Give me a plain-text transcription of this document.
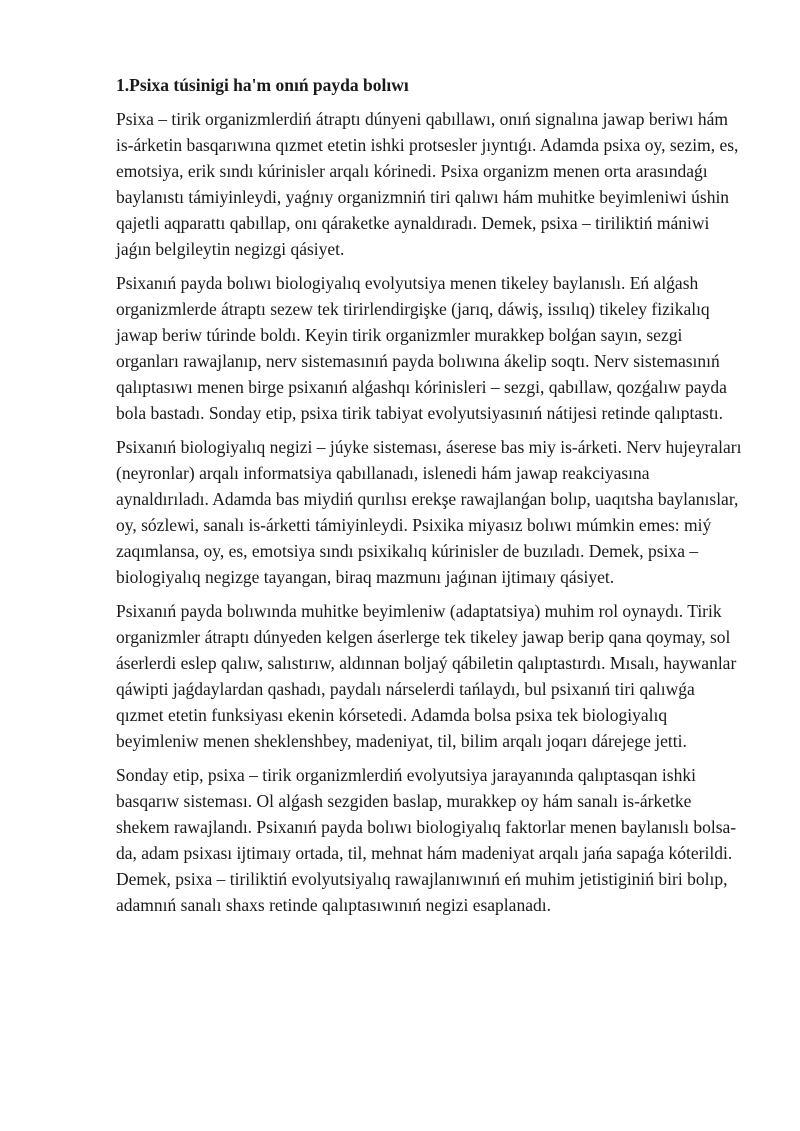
1.Psixa túsinigi ha'm onıń payda bolıwı

Psixa – tirik organizmlerdiń átraptı dúnyeni qabıllawı, onıń signalına jawap beriwı hám is-árketin basqarıwına qızmet etetin ishki protsesler jıyntıǵı. Adamda psixa oy, sezim, es, emotsiya, erik sındı kúrinisler arqalı kórinedi. Psixa organizm menen orta arasındaǵı baylanıstı támiyinleydi, yaǵnıy organizmniń tiri qalıwı hám muhitke beyimleniwi úshin qajetli aqparattı qabıllap, onı qáraketke aynaldıradı. Demek, psixa – tiriliktiń mániwi jaǵın belgileytin negizgi qásiyet.

Psixanıń payda bolıwı biologiyalıq evolyutsiya menen tikeley baylanıslı. Eń alǵash organizmlerde átraptı sezew tek tirirlendirgişke (jarıq, dáwiş, issılıq) tikeley fizikalıq jawap beriw túrinde boldı. Keyin tirik organizmler murakkep bolǵan sayın, sezgi organları rawajlanıp, nerv sistemasınıń payda bolıwına ákelip soqtı. Nerv sistemasınıń qalıptasıwı menen birge psixanıń alǵashqı kórinisleri – sezgi, qabıllaw, qozǵalıw payda bola bastadı. Sonday etip, psixa tirik tabiyat evolyutsiyasınıń nátijesi retinde qalıptastı.

Psixanıń biologiyalıq negizi – júyke sisteması, áserese bas miy is-árketi. Nerv hujeyraları (neyronlar) arqalı informatsiya qabıllanadı, islenedi hám jawap reakciyasına aynaldırıladı. Adamda bas miydiń qurılısı erekşe rawajlanǵan bolıp, uaqıtsha baylanıslar, oy, sózlewi, sanalı is-árketti támiyinleydi. Psixika miyasız bolıwı múmkin emes: miý zaqımlansa, oy, es, emotsiya sındı psixikalıq kúrinisler de buzıladı. Demek, psixa – biologiyalıq negizge tayangan, biraq mazmunı jaǵınan ijtimaıy qásiyet.

Psixanıń payda bolıwında muhitke beyimleniw (adaptatsiya) muhim rol oynaydı. Tirik organizmler átraptı dúnyeden kelgen áserlerge tek tikeley jawap berip qana qoymay, sol áserlerdi eslep qalıw, salıstırıw, aldınnan boljaý qábiletin qalıptastırdı. Mısalı, haywanlar qáwipti jaǵdaylardan qashadı, paydalı nárselerdi tańlaydı, bul psixanıń tiri qalıwǵa qızmet etetin funksiyası ekenin kórsetedi. Adamda bolsa psixa tek biologiyalıq beyimleniw menen sheklenshbey, madeniyat, til, bilim arqalı joqarı dárejege jetti.

Sonday etip, psixa – tirik organizmlerdiń evolyutsiya jarayanında qalıptasqan ishki basqarıw sisteması. Ol alǵash sezgiden baslap, murakkep oy hám sanalı is-árketke shekem rawajlandı. Psixanıń payda bolıwı biologiyalıq faktorlar menen baylanıslı bolsa-da, adam psixası ijtimaıy ortada, til, mehnat hám madeniyat arqalı jańa sapaǵa kóterildi. Demek, psixa – tiriliktiń evolyutsiyalıq rawajlanıwınıń eń muhim jetistiginiń biri bolıp, adamnıń sanalı shaxs retinde qalıptasıwınıń negizi esaplanadı.
